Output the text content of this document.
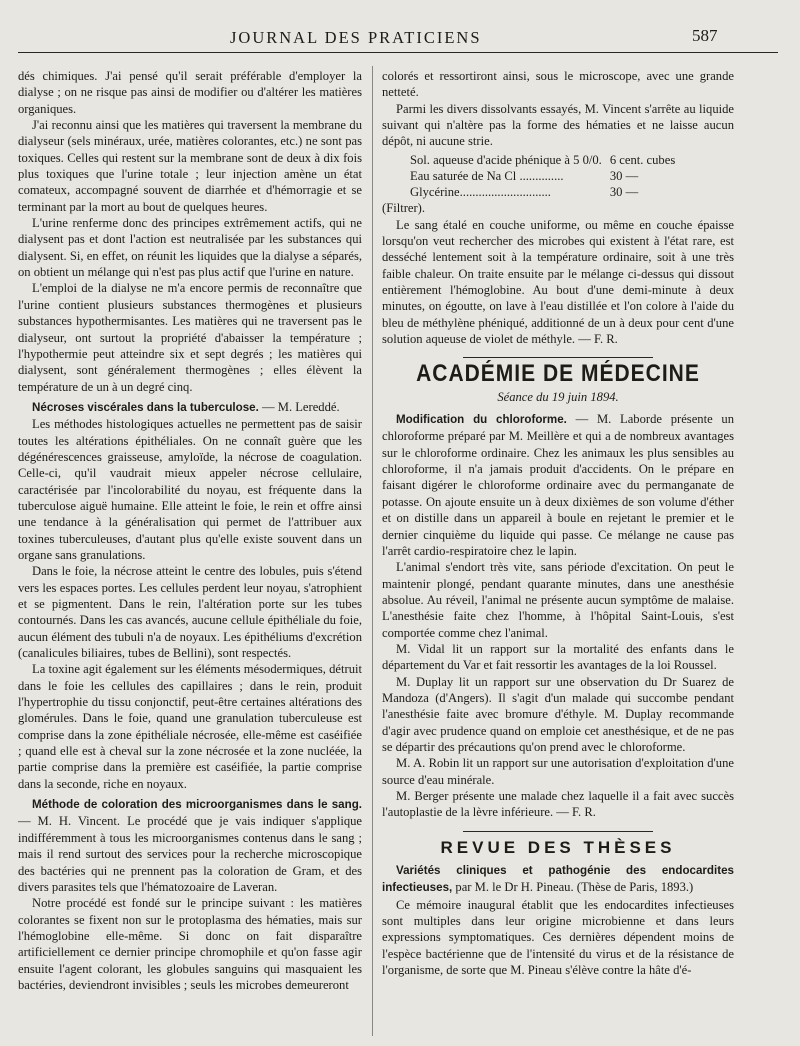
JOURNAL DES PRATICIENS	587

dés chimiques. J'ai pensé qu'il serait préférable d'employer la dialyse ; on ne risque pas ainsi de modifier ou d'altérer les matières organiques.

J'ai reconnu ainsi que les matières qui traversent la membrane du dialyseur (sels minéraux, urée, matières colorantes, etc.) ne sont pas toxiques. Celles qui restent sur la membrane sont de deux à dix fois plus toxiques que l'urine totale ; leur injection amène un état comateux, accompagné souvent de diarrhée et d'hémorragie et se terminant par la mort au bout de quelques heures.

L'urine renferme donc des principes extrêmement actifs, qui ne dialysent pas et dont l'action est neutralisée par les substances qui dialysent. Si, en effet, on réunit les liquides que la dialyse a séparés, on obtient un mélange qui n'est pas plus actif que l'urine en nature.

L'emploi de la dialyse ne m'a encore permis de reconnaître que l'urine contient plusieurs substances thermogènes et plusieurs substances hypothermisantes. Les matières qui ne traversent pas le dialyseur, ont surtout la propriété d'abaisser la température ; l'hypothermie peut atteindre six et sept degrés ; les matières qui dialysent, sont généralement thermogènes ; elles élèvent la température de un à un degré cinq.

Nécroses viscérales dans la tuberculose. — M. Lereddé.

Les méthodes histologiques actuelles ne permettent pas de saisir toutes les altérations épithéliales. On ne connaît guère que les dégénérescences graisseuse, amyloïde, la nécrose de coagulation. Celle-ci, qu'il vaudrait mieux appeler nécrose cellulaire, caractérisée par l'incolorabilité du noyau, est fréquente dans la tuberculose aiguë humaine. Elle atteint le foie, le rein et offre ainsi une tendance à la généralisation qui permet de l'attribuer aux toxines tuberculeuses, d'autant plus qu'elle existe souvent dans un organe sans granulations.

Dans le foie, la nécrose atteint le centre des lobules, puis s'étend vers les espaces portes. Les cellules perdent leur noyau, s'atrophient et se pigmentent. Dans le rein, l'altération porte sur les tubes contournés. Dans les cas avancés, aucune cellule épithéliale du foie, aucun élément des tubuli n'a de noyaux. Les épithéliums d'excrétion (canalicules biliaires, tubes de Bellini), sont respectés.

La toxine agit également sur les éléments mésodermiques, détruit dans le foie les cellules des capillaires ; dans le rein, produit l'hypertrophie du tissu conjonctif, peut-être certaines altérations des glomérules. Dans le foie, quand une granulation tuberculeuse est comprise dans la zone épithéliale nécrosée, elle-même est caséifiée ; quand elle est à cheval sur la zone nécrosée et la zone nucléée, la partie comprise dans la première est caséifiée, la partie comprise dans la seconde, riche en noyaux.

Méthode de coloration des microorganismes dans le sang. — M. H. Vincent. Le procédé que je vais indiquer s'applique indifféremment à tous les microorganismes contenus dans le sang ; mais il rend surtout des services pour la recherche microscopique des bactéries qui ne prennent pas la coloration de Gram, et des divers parasites tels que l'hématozoaire de Laveran.

Notre procédé est fondé sur le principe suivant : les matières colorantes se fixent non sur le protoplasma des hématies, mais sur l'hémoglobine elle-même. Si donc on fait disparaître artificiellement ce dernier principe chromophile et qu'on fasse agir ensuite l'agent colorant, les globules sanguins qui masquaient les bactéries, deviendront invisibles ; seuls les microbes demeureront

colorés et ressortiront ainsi, sous le microscope, avec une grande netteté.

Parmi les divers dissolvants essayés, M. Vincent s'arrête au liquide suivant qui n'altère pas la forme des hématies et ne laisse aucun dépôt, ni aucune strie.

Sol. aqueuse d'acide phénique à 5 0/0.	6 cent. cubes
Eau saturée de Na Cl ..............	30 —
Glycérine.............................	30 —

(Filtrer).

Le sang étalé en couche uniforme, ou même en couche épaisse lorsqu'on veut rechercher des microbes qui existent à l'état rare, est desséché lentement soit à la température ordinaire, soit à une très faible chaleur. On traite ensuite par le mélange ci-dessus qui dissout entièrement l'hémoglobine. Au bout d'une demi-minute à deux minutes, on égoutte, on lave à l'eau distillée et l'on colore à l'aide du bleu de méthylène phéniqué, additionné de un à deux pour cent d'une solution aqueuse de violet de méthyle. — F. R.

ACADÉMIE DE MÉDECINE
Séance du 19 juin 1894.

Modification du chloroforme. — M. Laborde présente un chloroforme préparé par M. Meillère et qui a de nombreux avantages sur le chloroforme ordinaire. Chez les animaux les plus sensibles au chloroforme, il n'a jamais produit d'accidents. On le prépare en faisant digérer le chloroforme ordinaire avec du permanganate de potasse. On ajoute ensuite un à deux dixièmes de son volume d'éther et on distille dans un appareil à boule en rejetant le premier et le dernier cinquième du liquide qui passe. Ce mélange ne cause pas l'arrêt cardio-respiratoire chez le lapin.

L'animal s'endort très vite, sans période d'excitation. On peut le maintenir plongé, pendant quarante minutes, dans une anesthésie absolue. Au réveil, l'animal ne présente aucun symptôme de malaise. L'anesthésie faite chez l'homme, à l'hôpital Saint-Louis, s'est comportée comme chez l'animal.

M. Vidal lit un rapport sur la mortalité des enfants dans le département du Var et fait ressortir les avantages de la loi Roussel.

M. Duplay lit un rapport sur une observation du Dr Suarez de Mandoza (d'Angers). Il s'agit d'un malade qui succombe pendant l'anesthésie faite avec bromure d'éthyle. M. Duplay recommande d'agir avec prudence quand on emploie cet anesthésique, et de ne pas se départir des précautions qu'on prend avec le chloroforme.

M. A. Robin lit un rapport sur une autorisation d'exploitation d'une source d'eau minérale.

M. Berger présente une malade chez laquelle il a fait avec succès l'autoplastie de la lèvre inférieure. — F. R.

REVUE DES THÈSES

Variétés cliniques et pathogénie des endocardites infectieuses, par M. le Dr H. Pineau. (Thèse de Paris, 1893.)

Ce mémoire inaugural établit que les endocardites infectieuses sont multiples dans leur origine microbienne et dans leurs expressions symptomatiques. Ces dernières dépendent moins de l'espèce bactérienne que de l'intensité du virus et de la résistance de l'organisme, de sorte que M. Pineau s'élève contre la hâte d'é-
